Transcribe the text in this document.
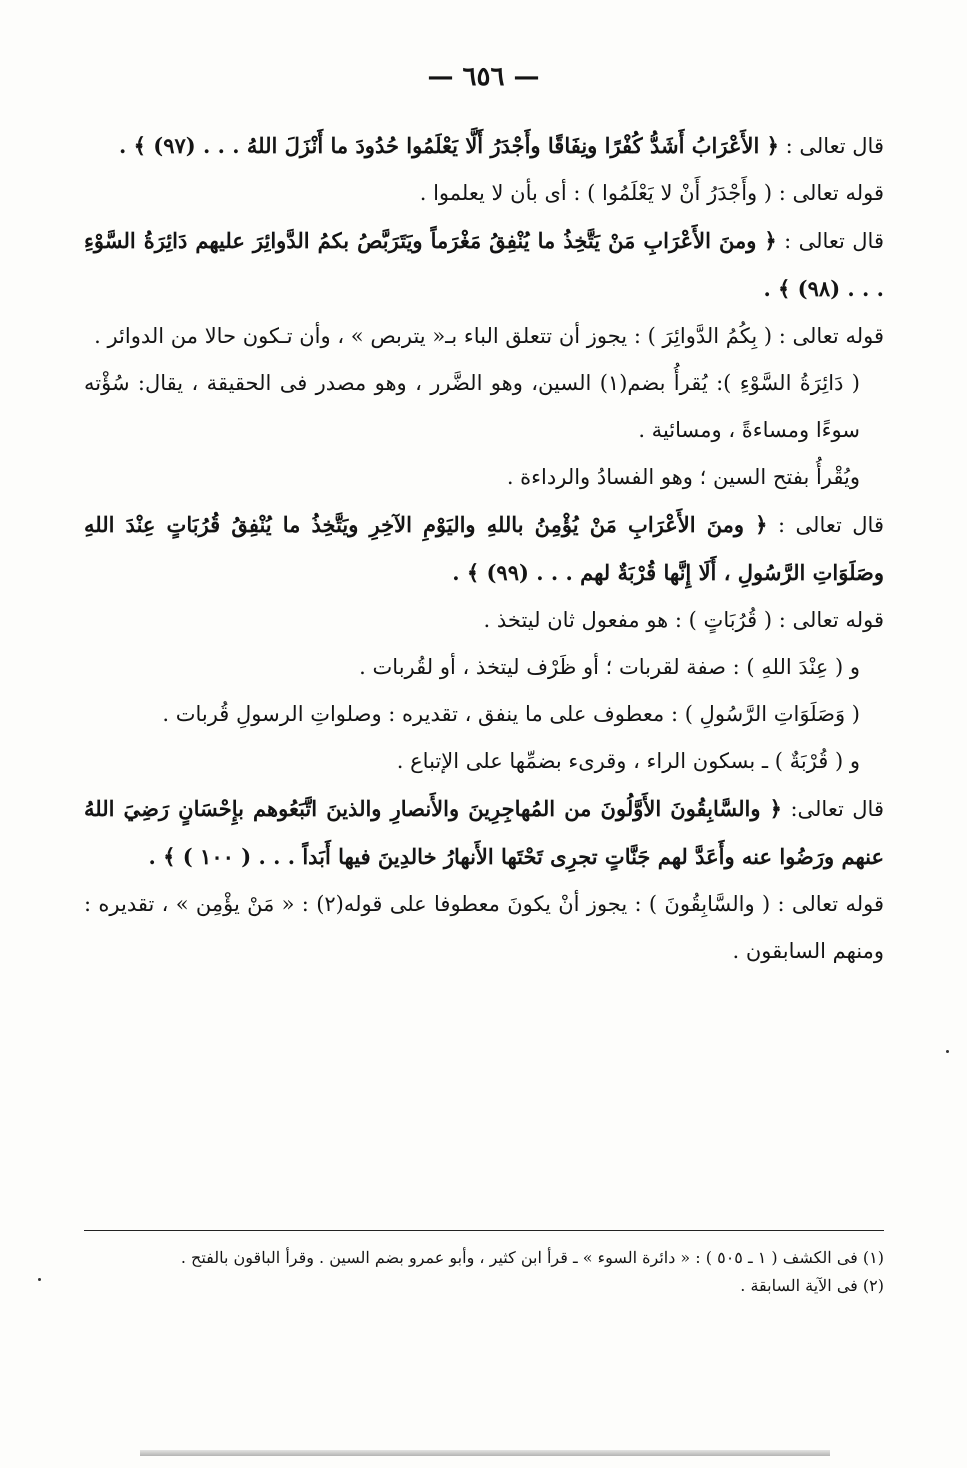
— ٦٥٦ —

قال تعالى : ﴿ الأَعْرَابُ أَشَدُّ كُفْرًا ونِفَاقًا وأَجْدَرُ أَلَّا يَعْلَمُوا حُدُودَ ما أَنْزَلَ اللهُ . . . (٩٧) ﴾ .

قوله تعالى : ( وأَجْدَرُ أَنْ لا يَعْلَمُوا ) : أى بأن لا يعلموا .

قال تعالى : ﴿ ومنَ الأَعْرَابِ مَنْ يَتَّخِذُ ما يُنْفِقُ مَغْرَماً ويَتَرَبَّصُ بكمُ الدَّوائِرَ عليهم دَائِرَةُ السَّوْءِ . . . (٩٨) ﴾ .

قوله تعالى : ( بِكُمُ الدَّوائِرَ ) : يجوز أن تتعلق الباء بـ« يتربص » ، وأن تـكون حالا من الدوائر .

( دَائِرَةُ السَّوْءِ ): يُقرأُ بضم(١) السين، وهو الضَّرر ، وهو مصدر فى الحقيقة ، يقال: سُؤْته سوءًا ومساءةً ، ومسائية .

ويُقْرأُ بفتح السين ؛ وهو الفسادُ والرداءة .

قال تعالى : ﴿ ومنَ الأَعْرَابِ مَنْ يُؤْمِنُ باللهِ واليَوْمِ الآخِرِ ويَتَّخِذُ ما يُنْفِقُ قُرُبَاتٍ عِنْدَ اللهِ وصَلَوَاتِ الرَّسُولِ ، أَلَا إِنَّها قُرْبَةٌ لهم . . . (٩٩) ﴾ .

قوله تعالى : ( قُرُبَاتٍ ) : هو مفعول ثان ليتخذ .

و ( عِنْدَ اللهِ ) : صفة لقربات ؛ أو ظَرْف ليتخذ ، أو لقُربات .

( وَصَلَوَاتِ الرَّسُولِ ) : معطوف على ما ينفق ، تقديره : وصلواتِ الرسولِ قُربات .

و ( قُرْبَةٌ ) ـ بسكون الراء ، وقرىء بضمِّها على الإتباع .

قال تعالى: ﴿ والسَّابِقُونَ الأَوَّلُونَ من المُهاجِرِينَ والأَنصارِ والذينَ اتَّبَعُوهم بإِحْسَانٍ رَضِيَ اللهُ عنهم ورَضُوا عنه وأَعَدَّ لهم جَنَّاتٍ تجرِى تَحْتَها الأَنهارُ خالدِينَ فيها أَبَداً . . . ( ١٠٠ ) ﴾ .

قوله تعالى : ( والسَّابِقُونَ ) : يجوز أنْ يكونَ معطوفا على قوله(٢) : « مَنْ يؤْمِن » ، تقديره : ومنهم السابقون .

(١) فى الكشف ( ١ ـ ٥٠٥ ) : « دائرة السوء » ـ قرأ ابن كثير ، وأبو عمرو بضم السين . وقرأ الباقون بالفتح .

(٢) فى الآية السابقة .
